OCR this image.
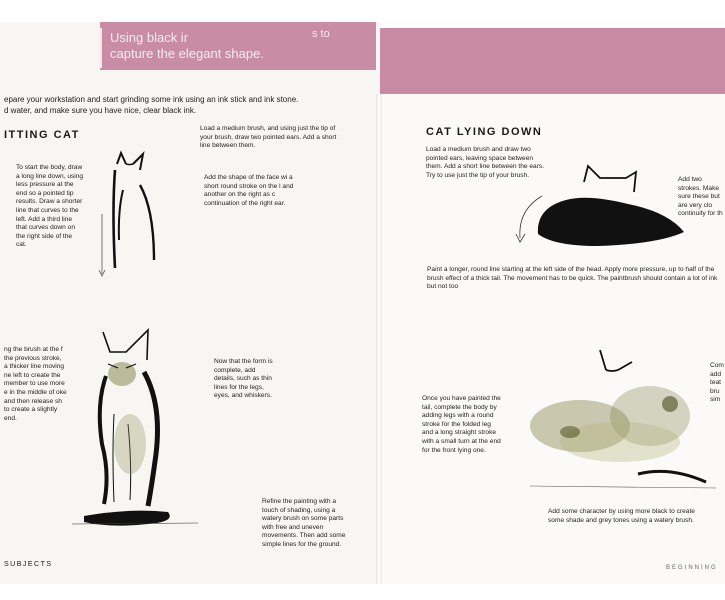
Using black ir
capture the elegant shape.
s to
epare your workstation and start grinding some ink using an ink stick and ink stone.
d water, and make sure you have nice, clear black ink.
ITTING CAT
Load a medium brush, and using just the tip of your brush, draw two pointed ears. Add a short line between them.
To start the body, draw a long line down, using less pressure at the end so a pointed tip results. Draw a shorter line that curves to the left. Add a third line that curves down on the right side of the cat.
Add the shape of the face wi a short round stroke on the l and another on the right as c continuation of the right ear.
ng the brush at the f the previous stroke, a thicker line moving ne left to create the member to use more e in the middle of oke and then release sh to create a slightly end.
Now that the form is complete, add details, such as thin lines for the legs, eyes, and whiskers.
Refine the painting with a touch of shading, using a watery brush on some parts with free and uneven movements. Then add some simple lines for the ground.
SUBJECTS
CAT LYING DOWN
Load a medium brush and draw two pointed ears, leaving space between them. Add a short line between the ears. Try to use just the tip of your brush.
Add two strokes. Make sure these but are very clo continuity for th
Paint a longer, round line starting at the left side of the head. Apply more pressure, up to half of the brush effect of a thick tail. The movement has to be quick. The paintbrush should contain a lot of ink but not too
Once you have painted the tail, complete the body by adding legs with a round stroke for the folded leg and a long straight stroke with a small turn at the end for the front lying one.
Com add teat bru sim
Add some character by using more black to create some shade and grey tones using a watery brush.
BEGINNING
